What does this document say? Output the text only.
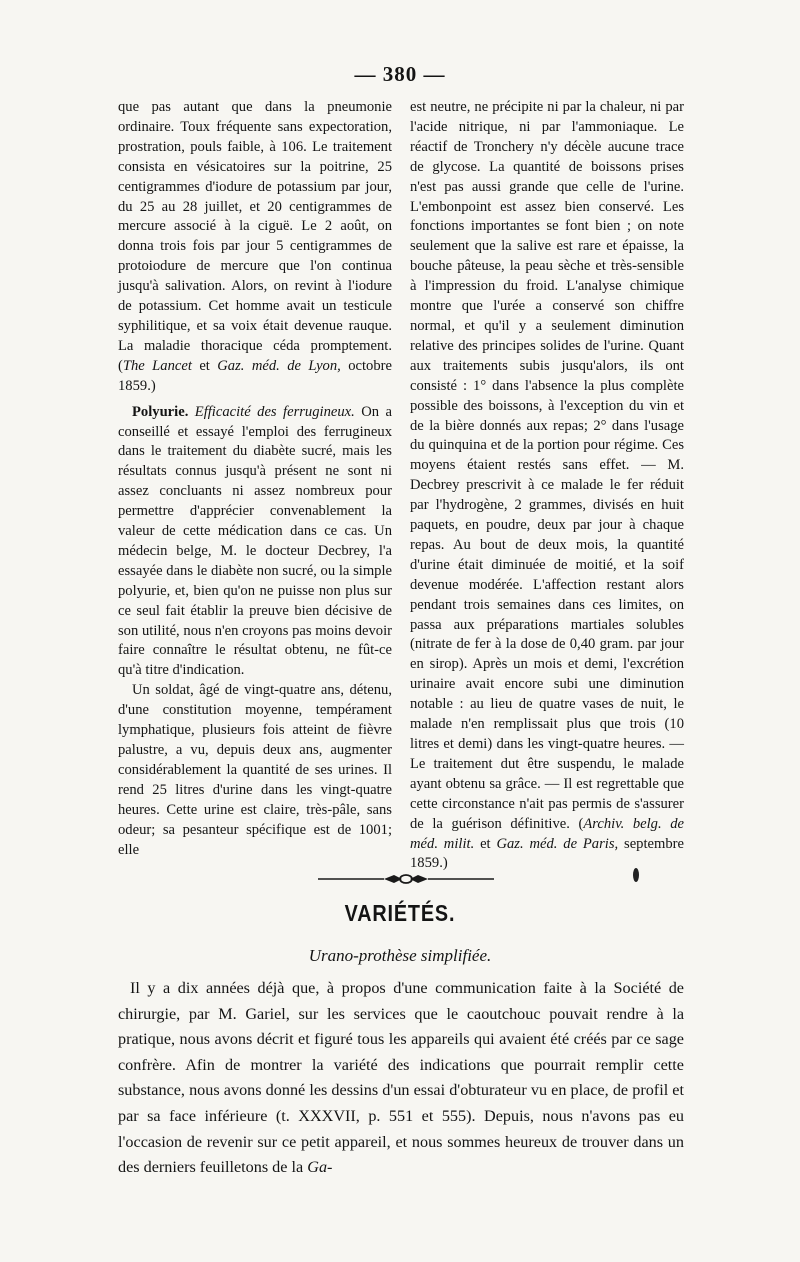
— 380 —

que pas autant que dans la pneumonie ordinaire. Toux fréquente sans expectoration, prostration, pouls faible, à 106. Le traitement consista en vésicatoires sur la poitrine, 25 centigrammes d'iodure de potassium par jour, du 25 au 28 juillet, et 20 centigrammes de mercure associé à la ciguë. Le 2 août, on donna trois fois par jour 5 centigrammes de protoiodure de mercure que l'on continua jusqu'à salivation. Alors, on revint à l'iodure de potassium. Cet homme avait un testicule syphilitique, et sa voix était devenue rauque. La maladie thoracique céda promptement. (The Lancet et Gaz. méd. de Lyon, octobre 1859.)

Polyurie. Efficacité des ferrugineux. On a conseillé et essayé l'emploi des ferrugineux dans le traitement du diabète sucré, mais les résultats connus jusqu'à présent ne sont ni assez concluants ni assez nombreux pour permettre d'apprécier convenablement la valeur de cette médication dans ce cas. Un médecin belge, M. le docteur Decbrey, l'a essayée dans le diabète non sucré, ou la simple polyurie, et, bien qu'on ne puisse non plus sur ce seul fait établir la preuve bien décisive de son utilité, nous n'en croyons pas moins devoir faire connaître le résultat obtenu, ne fût-ce qu'à titre d'indication.

Un soldat, âgé de vingt-quatre ans, détenu, d'une constitution moyenne, tempérament lymphatique, plusieurs fois atteint de fièvre palustre, a vu, depuis deux ans, augmenter considérablement la quantité de ses urines. Il rend 25 litres d'urine dans les vingt-quatre heures. Cette urine est claire, très-pâle, sans odeur; sa pesanteur spécifique est de 1001; elle

est neutre, ne précipite ni par la chaleur, ni par l'acide nitrique, ni par l'ammoniaque. Le réactif de Tronchery n'y décèle aucune trace de glycose. La quantité de boissons prises n'est pas aussi grande que celle de l'urine. L'embonpoint est assez bien conservé. Les fonctions importantes se font bien ; on note seulement que la salive est rare et épaisse, la bouche pâteuse, la peau sèche et très-sensible à l'impression du froid. L'analyse chimique montre que l'urée a conservé son chiffre normal, et qu'il y a seulement diminution relative des principes solides de l'urine. Quant aux traitements subis jusqu'alors, ils ont consisté : 1° dans l'absence la plus complète possible des boissons, à l'exception du vin et de la bière donnés aux repas; 2° dans l'usage du quinquina et de la portion pour régime. Ces moyens étaient restés sans effet. — M. Decbrey prescrivit à ce malade le fer réduit par l'hydrogène, 2 grammes, divisés en huit paquets, en poudre, deux par jour à chaque repas. Au bout de deux mois, la quantité d'urine était diminuée de moitié, et la soif devenue modérée. L'affection restant alors pendant trois semaines dans ces limites, on passa aux préparations martiales solubles (nitrate de fer à la dose de 0,40 gram. par jour en sirop). Après un mois et demi, l'excrétion urinaire avait encore subi une diminution notable : au lieu de quatre vases de nuit, le malade n'en remplissait plus que trois (10 litres et demi) dans les vingt-quatre heures. — Le traitement dut être suspendu, le malade ayant obtenu sa grâce. — Il est regrettable que cette circonstance n'ait pas permis de s'assurer de la guérison définitive. (Archiv. belg. de méd. milit. et Gaz. méd. de Paris, septembre 1859.)

VARIÉTÉS.
Urano-prothèse simplifiée.

Il y a dix années déjà que, à propos d'une communication faite à la Société de chirurgie, par M. Gariel, sur les services que le caoutchouc pouvait rendre à la pratique, nous avons décrit et figuré tous les appareils qui avaient été créés par ce sage confrère. Afin de montrer la variété des indications que pourrait remplir cette substance, nous avons donné les dessins d'un essai d'obturateur vu en place, de profil et par sa face inférieure (t. XXXVII, p. 551 et 555). Depuis, nous n'avons pas eu l'occasion de revenir sur ce petit appareil, et nous sommes heureux de trouver dans un des derniers feuilletons de la Ga-
